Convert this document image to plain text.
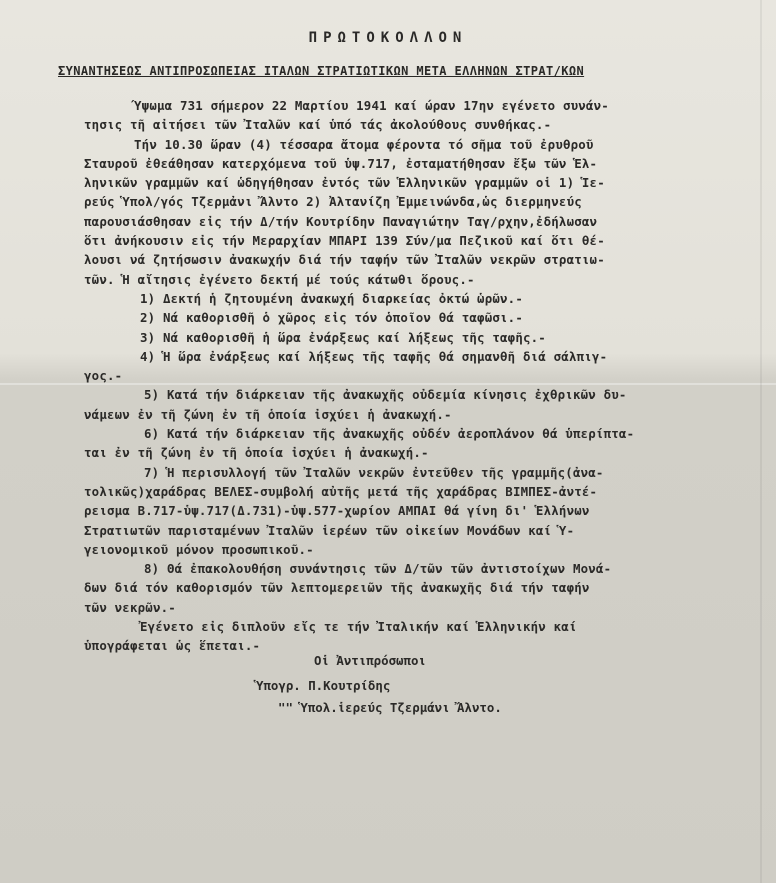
ΠΡΩΤΟΚΟΛΛΟΝ
ΣΥΝΑΝΤΗΣΕΩΣ ΑΝΤΙΠΡΟΣΩΠΕΙΑΣ ΙΤΑΛΩΝ ΣΤΡΑΤΙΩΤΙΚΩΝ ΜΕΤΑ ΕΛΛΗΝΩΝ ΣΤΡΑΤ/ΚΩΝ
Ύψωμα 731 σήμερον 22 Μαρτίου 1941 καί ώραν 17ην εγένετο συνάν-
τησις τῆ αἰτήσει τῶν Ἰταλῶν καί ὑπό τάς ἀκολούθους συνθήκας.-
Τήν 10.30 ὥραν (4) τέσσαρα ἄτομα φέροντα τό σῆμα τοῦ ἐρυθροῦ
Σταυροῦ ἐθεάθησαν κατερχόμενα τοῦ ὑψ.717, ἐσταματήθησαν ἔξω τῶν Ἑλ-
ληνικῶν γραμμῶν καί ὡδηγήθησαν ἐντός τῶν Ἑλληνικῶν γραμμῶν οἱ 1) Ἱε-
ρεύς Ὑπολ/γός Τζερμἀνι Ἄλντο 2) Ἀλτανίζη Ἐμμεινώνδα,ὡς διερμηνεύς
παρουσιάσθησαν εἰς τήν Δ/τήν Κουτρίδην Παναγιώτην Ταγ/ρχην,ἐδήλωσαν
ὅτι ἀνήκουσιν εἰς τήν Μεραρχίαν ΜΠΑΡΙ 139 Σύν/μα Πεζικοῦ καί ὅτι θέ-
λουσι νά ζητήσωσιν ἀνακωχήν διά τήν ταφήν τῶν Ἰταλῶν νεκρῶν στρατιω-
τῶν. Ἡ αἴτησις ἐγένετο δεκτή μέ τούς κάτωθι ὅρους.-
1) Δεκτή ἡ ζητουμένη ἀνακωχή διαρκείας ὀκτώ ὡρῶν.-
2) Νά καθορισθῆ ὁ χῶρος εἰς τόν ὁποῖον θά ταφῶσι.-
3) Νά καθορισθῆ ἡ ὥρα ἐνάρξεως καί λήξεως τῆς ταφῆς.-
4) Ἡ ὥρα ἐνάρξεως καί λήξεως τῆς ταφῆς θά σημανθῆ διά σάλπιγ-
γος.-
5) Κατά τήν διάρκειαν τῆς ἀνακωχῆς οὐδεμία κίνησις ἐχθρικῶν δυ-
νάμεων ἐν τῆ ζώνη ἐν τῆ ὁποία ἰσχύει ἡ ἀνακωχή.-
6) Κατά τήν διάρκειαν τῆς ἀνακωχῆς οὐδέν ἀεροπλάνον θά ὑπερίπτα-
ται ἐν τῆ ζώνη ἐν τῆ ὁποία ἰσχύει ἡ ἀνακωχή.-
7) Ἡ περισυλλογή τῶν Ἰταλῶν νεκρῶν ἐντεῦθεν τῆς γραμμῆς(ἀνα-
τολικῶς)χαράδρας ΒΕΛΕΣ-συμβολή αὐτῆς μετά τῆς χαράδρας ΒΙΜΠΕΣ-ἀντέ-
ρεισμα Β.717-ὑψ.717(Δ.731)-ὑψ.577-χωρίον ΑΜΠΑΙ θά γίνη δι' Ἑλλήνων
Στρατιωτῶν παρισταμένων Ἰταλῶν ἱερέων τῶν οἰκείων Μονάδων καί Ὑ-
γειονομικοῦ μόνον προσωπικοῦ.-
8) Θά ἐπακολουθήση συνάντησις τῶν Δ/τῶν τῶν ἀντιστοίχων Μονά-
δων διά τόν καθορισμόν τῶν λεπτομερειῶν τῆς ἀνακωχῆς διά τήν ταφήν
τῶν νεκρῶν.-
Ἐγένετο εἰς διπλοῦν εἴς τε τήν Ἰταλικήν καί Ἑλληνικήν καί
ὑπογράφεται ὡς ἕπεται.-
Οἱ Ἀντιπρόσωποι
Ὑπογρ. Π.Κουτρίδης
"" Ὑπολ.ἱερεύς Τζερμάνι Ἄλντο.
